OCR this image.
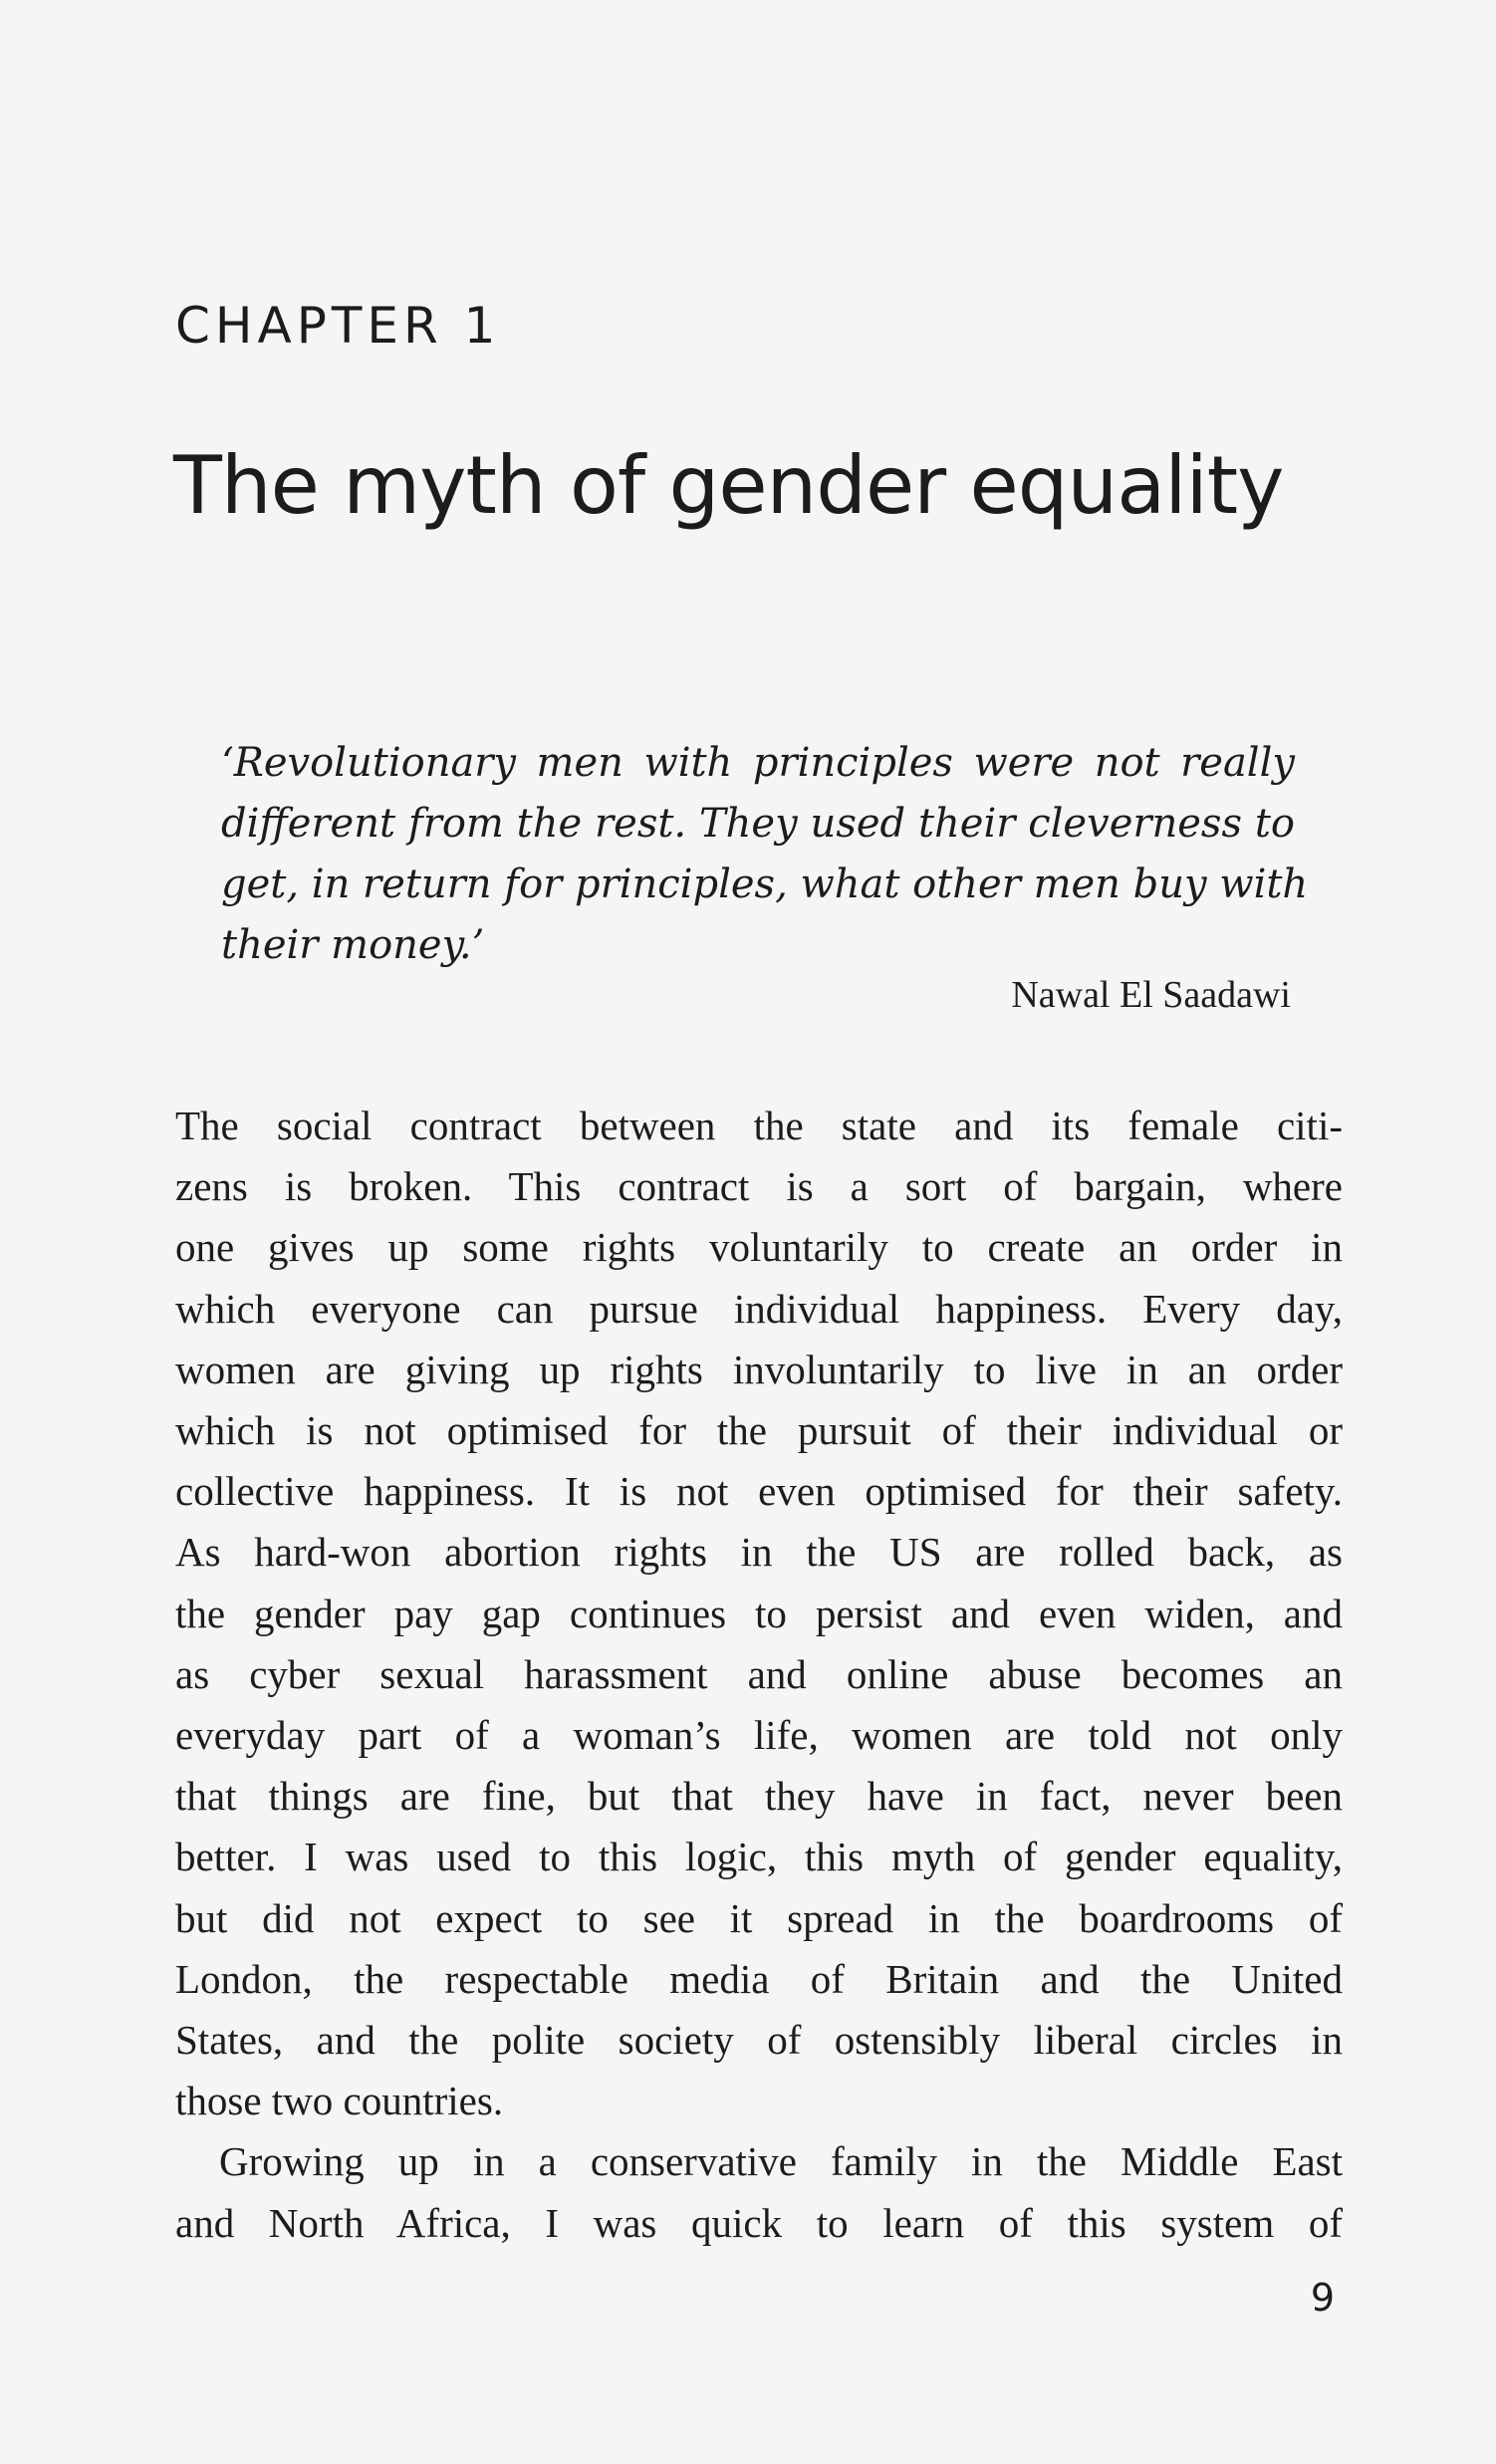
CHAPTER 1
The myth of gender equality
‘Revolutionary men with principles were not really
different from the rest. They used their cleverness to
get, in return for principles, what other men buy with
their money.’
Nawal El Saadawi
The social contract between the state and its female citi-
zens is broken. This contract is a sort of bargain, where
one gives up some rights voluntarily to create an order in
which everyone can pursue individual happiness. Every day,
women are giving up rights involuntarily to live in an order
which is not optimised for the pursuit of their individual or
collective happiness. It is not even optimised for their safety.
As hard-won abortion rights in the US are rolled back, as
the gender pay gap continues to persist and even widen, and
as cyber sexual harassment and online abuse becomes an
everyday part of a woman’s life, women are told not only
that things are fine, but that they have in fact, never been
better. I was used to this logic, this myth of gender equality,
but did not expect to see it spread in the boardrooms of
London, the respectable media of Britain and the United
States, and the polite society of ostensibly liberal circles in
those two countries.
Growing up in a conservative family in the Middle East
and North Africa, I was quick to learn of this system of
9
